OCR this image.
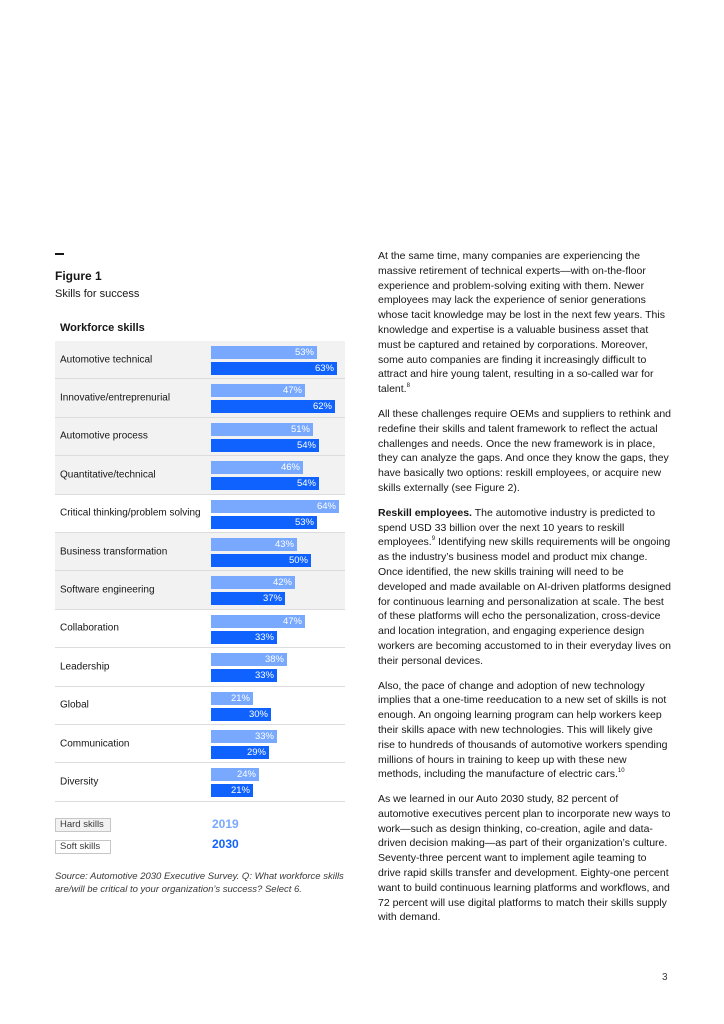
Figure 1
Skills for success
Workforce skills
Automotive technical
53%
63%
Innovative/entreprenurial
47%
62%
Automotive process
51%
54%
Quantitative/technical
46%
54%
Critical thinking/problem solving
64%
53%
Business transformation
43%
50%
Software engineering
42%
37%
Collaboration
47%
33%
Leadership
38%
33%
Global
21%
30%
Communication
33%
29%
Diversity
24%
21%
Hard skills
Soft skills
2019
2030
Source: Automotive 2030 Executive Survey. Q: What workforce skills are/will be critical to your organization’s success? Select 6.

At the same time, many companies are experiencing the massive retirement of technical experts—with on-the-floor experience and problem-solving exiting with them. Newer employees may lack the experience of senior generations whose tacit knowledge may be lost in the next few years. This knowledge and expertise is a valuable business asset that must be captured and retained by corporations. Moreover, some auto companies are finding it increasingly difficult to attract and hire young talent, resulting in a so-called war for talent.$^8$

All these challenges require OEMs and suppliers to rethink and redefine their skills and talent framework to reflect the actual challenges and needs. Once the new framework is in place, they can analyze the gaps. And once they know the gaps, they have basically two options: reskill employees, or acquire new skills externally (see Figure 2).

Reskill employees. The automotive industry is predicted to spend USD 33 billion over the next 10 years to reskill employees.$^9$ Identifying new skills requirements will be ongoing as the industry’s business model and product mix change. Once identified, the new skills training will need to be developed and made available on AI-driven platforms designed for continuous learning and personalization at scale. The best of these platforms will echo the personalization, cross-device and location integration, and engaging experience design workers are becoming accustomed to in their everyday lives on their personal devices.

Also, the pace of change and adoption of new technology implies that a one-time reeducation to a new set of skills is not enough. An ongoing learning program can help workers keep their skills apace with new technologies. This will likely give rise to hundreds of thousands of automotive workers spending millions of hours in training to keep up with these new methods, including the manufacture of electric cars.$^{10}$

As we learned in our Auto 2030 study, 82 percent of automotive executives percent plan to incorporate new ways to work—such as design thinking, co-creation, agile and data-driven decision making—as part of their organization’s culture. Seventy-three percent want to implement agile teaming to drive rapid skills transfer and development. Eighty-one percent want to build continuous learning platforms and workflows, and 72 percent will use digital platforms to match their skills supply with demand.

3
